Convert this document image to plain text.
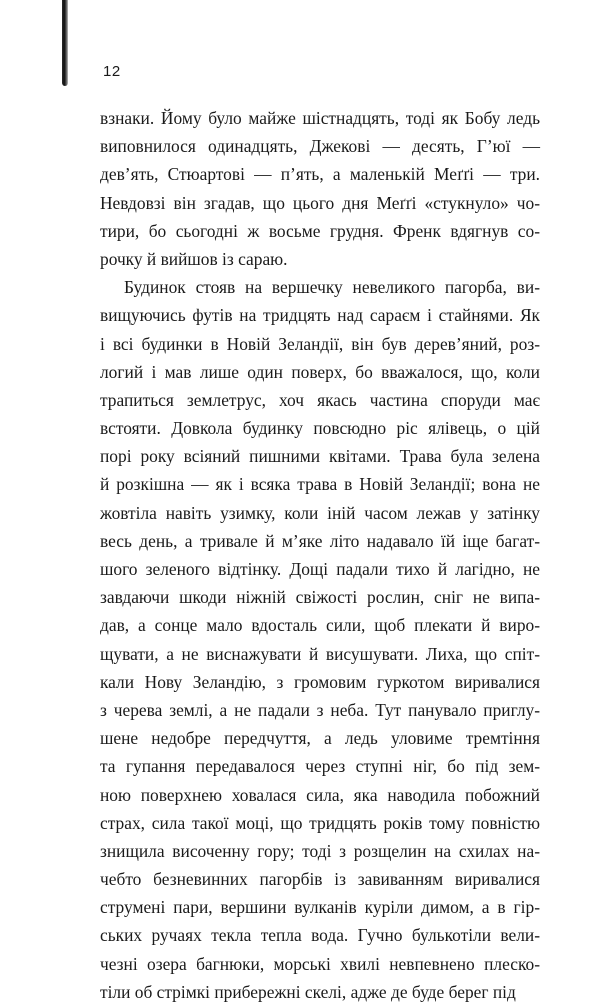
12
взнаки. Йому було майже шістнадцять, тоді як Бобу ледь
виповнилося одинадцять, Джекові — десять, Г’юї —
дев’ять, Стюартові — п’ять, а маленькій Меґґі — три.
Невдовзі він згадав, що цього дня Меґґі «стукнуло» чо-
тири, бо сьогодні ж восьме грудня. Френк вдягнув со-
рочку й вийшов із сараю.
Будинок стояв на вершечку невеликого пагорба, ви-
вищуючись футів на тридцять над сараєм і стайнями. Як
і всі будинки в Новій Зеландії, він був дерев’яний, роз-
логий і мав лише один поверх, бо вважалося, що, коли
трапиться землетрус, хоч якась частина споруди має
встояти. Довкола будинку повсюдно ріс ялівець, о цій
порі року всіяний пишними квітами. Трава була зелена
й розкішна — як і всяка трава в Новій Зеландії; вона не
жовтіла навіть узимку, коли іній часом лежав у затінку
весь день, а тривале й м’яке літо надавало їй іще багат-
шого зеленого відтінку. Дощі падали тихо й лагідно, не
завдаючи шкоди ніжній свіжості рослин, сніг не випа-
дав, а сонце мало вдосталь сили, щоб плекати й виро-
щувати, а не виснажувати й висушувати. Лиха, що спіт-
кали Нову Зеландію, з громовим гуркотом виривалися
з черева землі, а не падали з неба. Тут панувало приглу-
шене недобре передчуття, а ледь уловиме тремтіння
та гупання передавалося через ступні ніг, бо під зем-
ною поверхнею ховалася сила, яка наводила побожний
страх, сила такої моці, що тридцять років тому повністю
знищила височенну гору; тоді з розщелин на схилах на-
чебто безневинних пагорбів із завиванням виривалися
струмені пари, вершини вулканів куріли димом, а в гір-
ських ручаях текла тепла вода. Гучно булькотіли вели-
чезні озера багнюки, морські хвилі невпевнено плеско-
тіли об стрімкі прибережні скелі, адже де буде берег під
